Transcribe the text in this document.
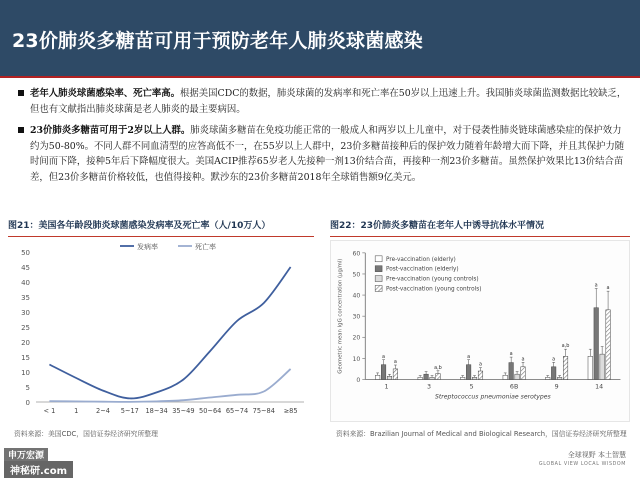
23价肺炎多糖苗可用于预防老年人肺炎球菌感染
老年人肺炎球菌感染率、死亡率高。根据美国CDC的数据，肺炎球菌的发病率和死亡率在50岁以上迅速上升。我国肺炎球菌监测数据比较缺乏，但也有文献指出肺炎球菌是老人肺炎的最主要病因。
23价肺炎多糖苗可用于2岁以上人群。肺炎球菌多糖苗在免疫功能正常的一般成人和两岁以上儿童中，对于侵袭性肺炎链球菌感染症的保护效力约为50-80%。不同人群不同血清型的应答高低不一，在55岁以上人群中，23价多糖苗接种后的保护效力随着年龄增大而下降，并且其保护力随时间而下降，接种5年后下降幅度很大。美国ACIP推荐65岁老人先接种一剂13价结合苗，再接种一剂23价多糖苗。虽然保护效果比13价结合苗差，但23价多糖苗价格较低，也值得接种。默沙东的23价多糖苗2018年全球销售额9亿美元。
图21：美国各年龄段肺炎球菌感染发病率及死亡率（人/10万人）	图22：23价肺炎多糖苗在老年人中诱导抗体水平情况
0
5
10
15
20
25
30
35
40
45
50
< 1	1	2~4 5~17 18~34 35~49 50~64 65~74 75~84 ≥85
发病率	死亡率
0
10
20
30
40
50
60
Geometric mean IgG concentration (μg/ml)	a
a
1
a,b
3
a
a
5
a
a
6B
a
a,b
9
a a
14
Streptococcus pneumoniae serotypes
Pre-vaccination (elderly)
Post-vaccination (elderly)
Pre-vaccination (young controls)
Post-vaccination (young controls)
资料来源：美国CDC，国信证券经济研究所整理	资料来源：Brazilian Journal of Medical and Biological Research，国信证券经济研究所整理
全球视野 本土智慧
GLOBAL VIEW LOCAL WISDOM
申万宏源
神秘研.com
